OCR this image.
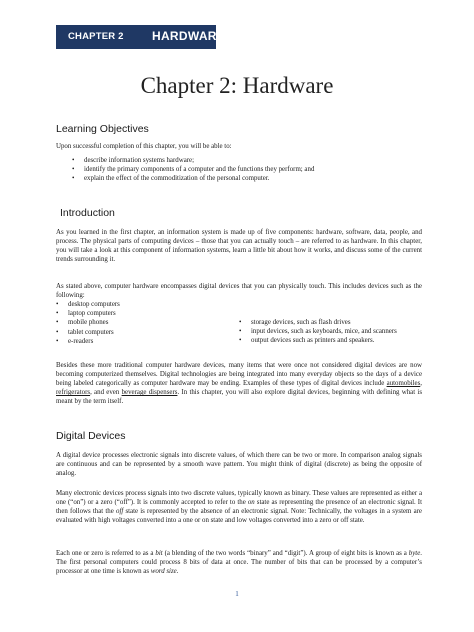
CHAPTER 2 HARDWARE
Chapter 2: Hardware
Learning Objectives

Upon successful completion of this chapter, you will be able to:

• describe information systems hardware;
• identify the primary components of a computer and the functions they perform; and
• explain the effect of the commoditization of the personal computer.
Introduction

As you learned in the first chapter, an information system is made up of five components: hardware, software, data, people, and process. The physical parts of computing devices – those that you can actually touch – are referred to as hardware. In this chapter, you will take a look at this component of information systems, learn a little bit about how it works, and discuss some of the current trends surrounding it.

As stated above, computer hardware encompasses digital devices that you can physically touch. This includes devices such as the following:

• desktop computers
• laptop computers
• mobile phones
• tablet computers
• e-readers
• storage devices, such as flash drives
• input devices, such as keyboards, mice, and scanners
• output devices such as printers and speakers.

Besides these more traditional computer hardware devices, many items that were once not considered digital devices are now becoming computerized themselves. Digital technologies are being integrated into many everyday objects so the days of a device being labeled categorically as computer hardware may be ending. Examples of these types of digital devices include automobiles, refrigerators, and even beverage dispensers. In this chapter, you will also explore digital devices, beginning with defining what is meant by the term itself.

Digital Devices

A digital device processes electronic signals into discrete values, of which there can be two or more. In comparison analog signals are continuous and can be represented by a smooth wave pattern. You might think of digital (discrete) as being the opposite of analog.

Many electronic devices process signals into two discrete values, typically known as binary. These values are represented as either a one (“on”) or a zero (“off”). It is commonly accepted to refer to the on state as representing the presence of an electronic signal. It then follows that the off state is represented by the absence of an electronic signal. Note: Technically, the voltages in a system are evaluated with high voltages converted into a one or on state and low voltages converted into a zero or off state.

Each one or zero is referred to as a bit (a blending of the two words “binary” and “digit”). A group of eight bits is known as a byte. The first personal computers could process 8 bits of data at once. The number of bits that can be processed by a computer’s processor at one time is known as word size.

1
